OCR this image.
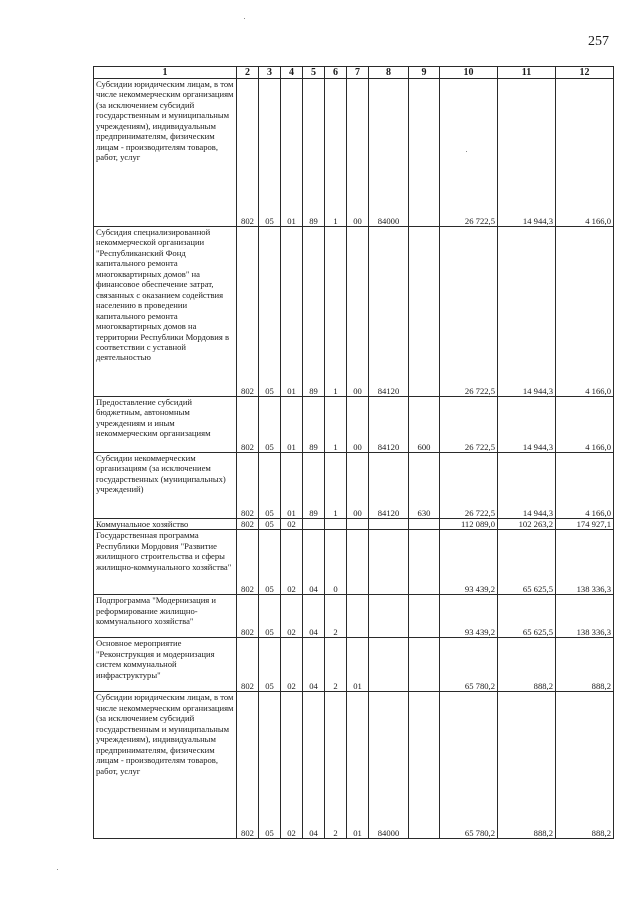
257
1	2	3	4	5	6	7	8	9	10	11	12
Субсидии юридическим лицам, в том числе некоммерческим организациям (за исключением субсидий государственным и муниципальным учреждениям), индивидуальным предпринимателям, физическим лицам - производителям товаров, работ, услуг	802	05	01	89	1	00	84000		26 722,5	14 944,3	4 166,0
Субсидия специализированной некоммерческой организации "Республиканский Фонд капитального ремонта многоквартирных домов" на финансовое обеспечение затрат, связанных с оказанием содействия населению в проведении капитального ремонта многоквартирных домов на территории Республики Мордовия в соответствии с уставной деятельностью	802	05	01	89	1	00	84120		26 722,5	14 944,3	4 166,0
Предоставление субсидий бюджетным, автономным учреждениям и иным некоммерческим организациям	802	05	01	89	1	00	84120	600	26 722,5	14 944,3	4 166,0
Субсидии некоммерческим организациям (за исключением государственных (муниципальных) учреждений)	802	05	01	89	1	00	84120	630	26 722,5	14 944,3	4 166,0
Коммунальное хозяйство	802	05	02						112 089,0	102 263,2	174 927,1
Государственная программа Республики Мордовия "Развитие жилищного строительства и сферы жилищно-коммунального хозяйства"	802	05	02	04	0				93 439,2	65 625,5	138 336,3
Подпрограмма "Модернизация и реформирование жилищно-коммунального хозяйства"	802	05	02	04	2				93 439,2	65 625,5	138 336,3
Основное мероприятие "Реконструкция и модернизация систем коммунальной инфраструктуры"	802	05	02	04	2	01			65 780,2	888,2	888,2
Субсидии юридическим лицам, в том числе некоммерческим организациям (за исключением субсидий государственным и муниципальным учреждениям), индивидуальным предпринимателям, физическим лицам - производителям товаров, работ, услуг	802	05	02	04	2	01	84000		65 780,2	888,2	888,2
